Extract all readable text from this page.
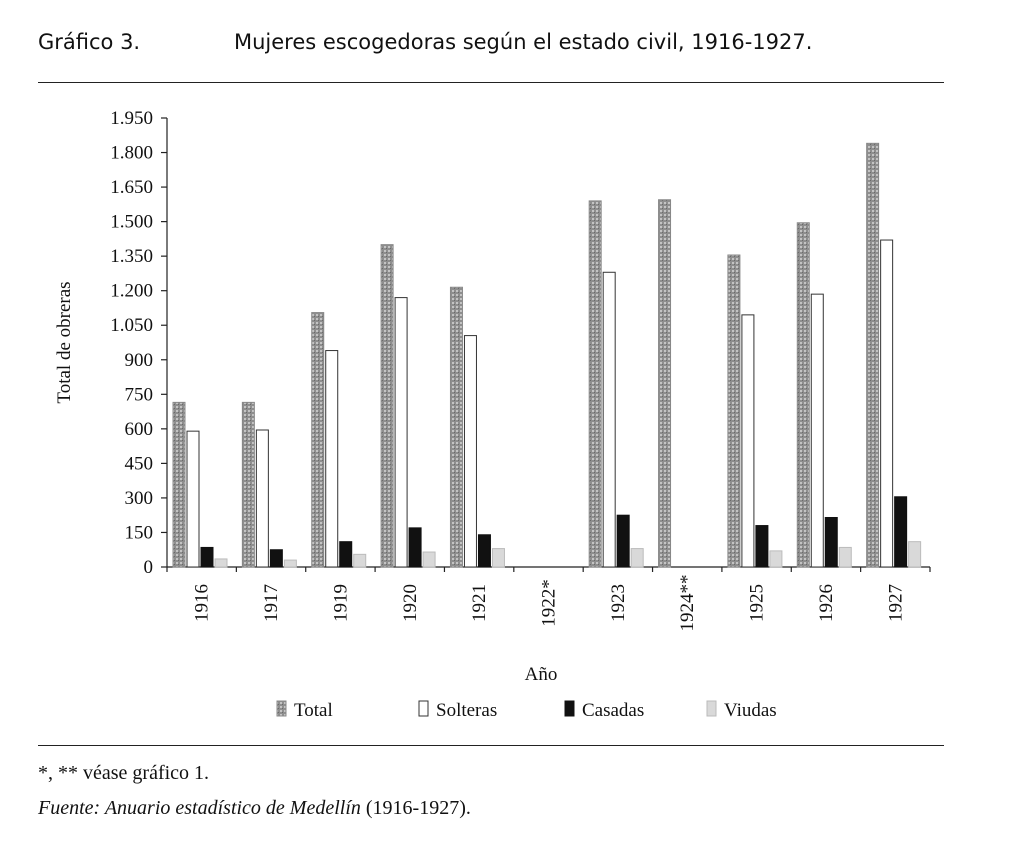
Gráfico 3.	Mujeres escogedoras según el estado civil, 1916-1927.
0
150
300
450
600
750
900
1.050
1.200
1.350
1.500
1.650
1.800
1.950
1916	1917	1919	1920	1921	1922*	1923	1924**	1925	1926	1927
Total de obreras
Año
Total	Solteras	Casadas	Viudas
*, ** véase gráfico 1.
Fuente: Anuario estadístico de Medellín (1916-1927).
